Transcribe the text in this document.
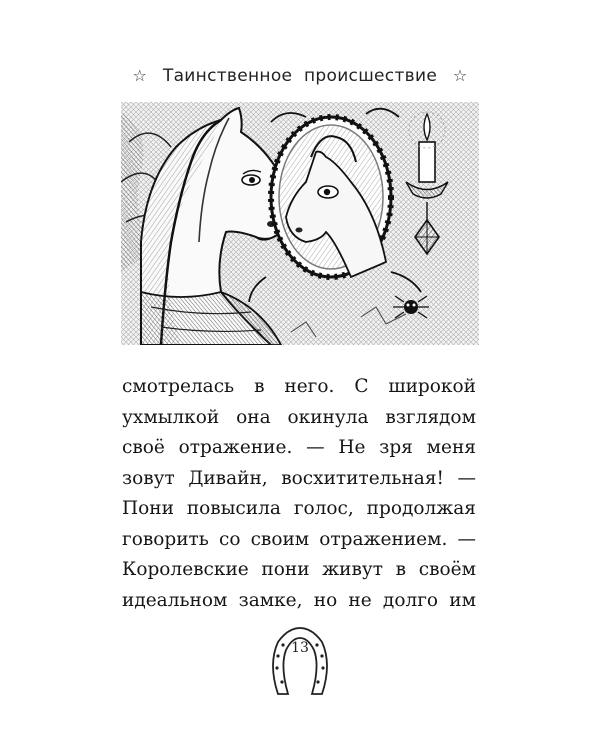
☆ Таинственное происшествие ☆
смотрелась в него. С широкой
ухмылкой она окинула взглядом
своё отражение. — Не зря меня
зовут Дивайн, восхитительная! —
Пони повысила голос, продолжая
говорить со своим отражением. —
Королевские пони живут в своём
идеальном замке, но не долго им
13
